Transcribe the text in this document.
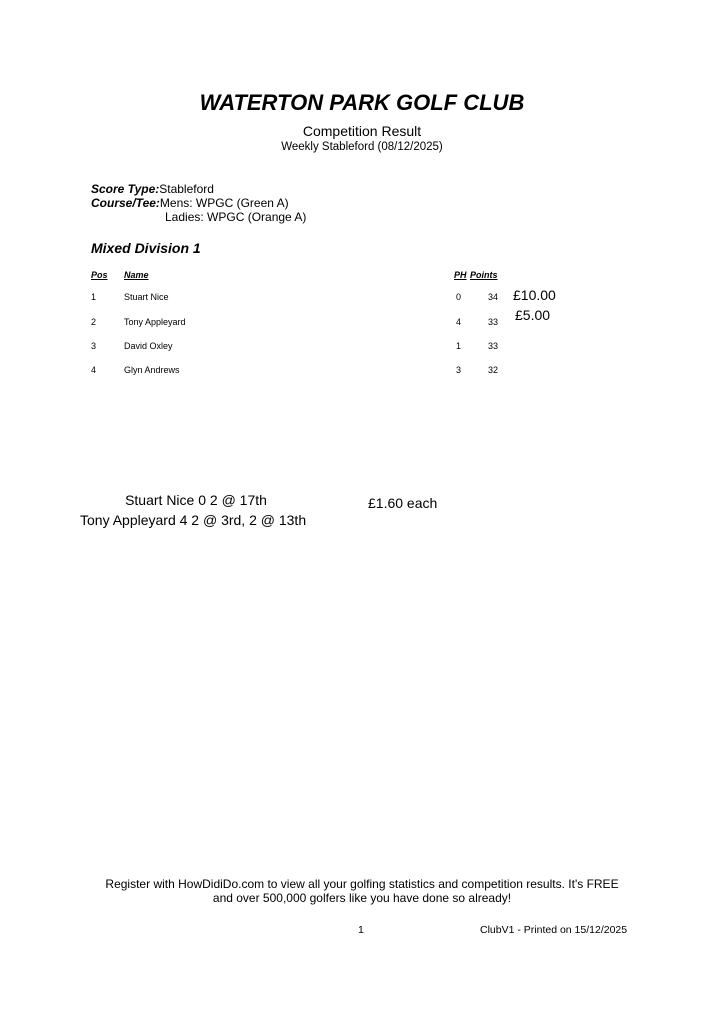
WATERTON PARK GOLF CLUB
Competition Result
Weekly Stableford (08/12/2025)
Score Type:Stableford
Course/Tee:Mens: WPGC (Green A)
Ladies: WPGC (Orange A)
Mixed Division 1
Pos Name	PH Points
1	Stuart Nice	0	34 £10.00
2	Tony Appleyard	4	33 £5.00
3	David Oxley	1	33
4	Glyn Andrews	3	32
Stuart Nice 0 2 @ 17th
Tony Appleyard 4 2 @ 3rd, 2 @ 13th
£1.60 each
Register with HowDidiDo.com to view all your golfing statistics and competition results. It's FREE and over 500,000 golfers like you have done so already!
1	ClubV1 - Printed on 15/12/2025
